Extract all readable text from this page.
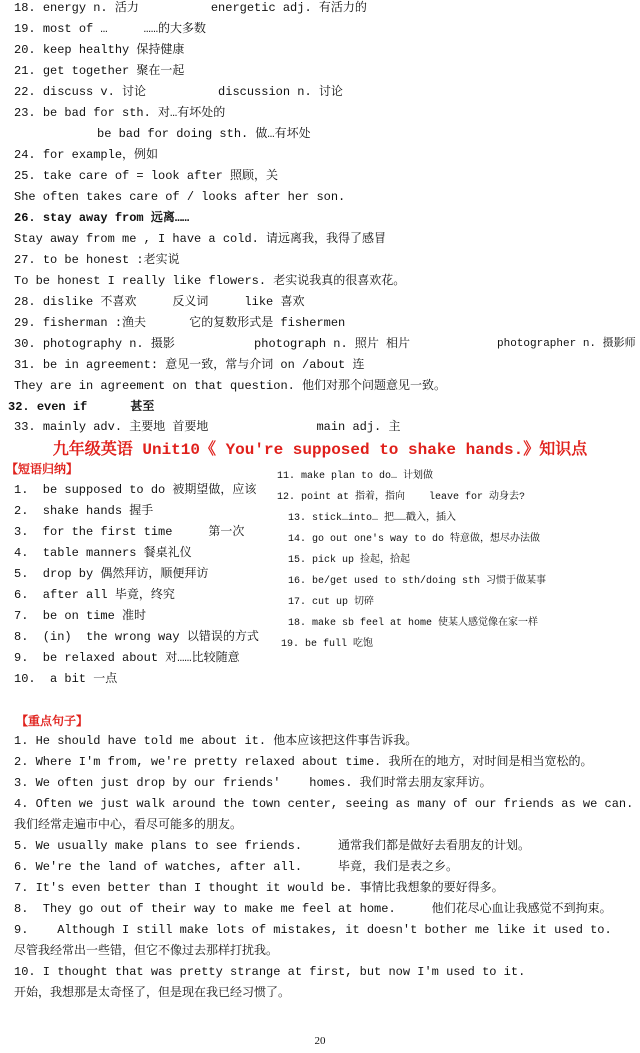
18. energy n. 活力          energetic adj. 有活力的
19. most of …     ……的大多数
20. keep healthy 保持健康
21. get together 聚在一起
22. discuss v. 讨论          discussion n. 讨论
23. be bad for sth. 对…有坏处的
be bad for doing sth. 做…有坏处
24. for example，例如
25. take care of = look after 照顾，关
She often takes care of / looks after her son.
26. stay away from 远离……
Stay away from me , I have a cold. 请远离我，我得了感冒
27. to be honest :老实说
To be honest I really like flowers. 老实说我真的很喜欢花。
28. dislike 不喜欢     反义词     like 喜欢
29. fisherman :渔夫      它的复数形式是 fishermen
30. photography n. 摄影           photograph n. 照片 相片	photographer n. 摄影师
31. be in agreement: 意见一致，常与介词 on /about 连
They are in agreement on that question. 他们对那个问题意见一致。
32. even if      甚至
33. mainly adv. 主要地 首要地               main adj. 主
九年级英语 Unit10《 You're supposed to shake hands.》知识点
【短语归纳】
1.  be supposed to do 被期望做，应该
2.  shake hands 握手
3.  for the first time     第一次
4.  table manners 餐桌礼仪
5.  drop by 偶然拜访，顺便拜访
6.  after all 毕竟，终究
7.  be on time 准时
8.  (in)  the wrong way 以错误的方式
9.  be relaxed about 对……比较随意
10.  a bit 一点
11. make plan to do… 计划做
12. point at 指着，指向    leave for 动身去?
13. stick…into… 把……戳入，插入
14. go out one's way to do 特意做，想尽办法做
15. pick up 捡起，拾起
16. be/get used to sth/doing sth 习惯于做某事
17. cut up 切碎
18. make sb feel at home 使某人感觉像在家一样
19. be full 吃饱
【重点句子】
1. He should have told me about it. 他本应该把这件事告诉我。
2. Where I'm from, we're pretty relaxed about time. 我所在的地方，对时间是相当宽松的。
3. We often just drop by our friends'    homes. 我们时常去朋友家拜访。
4. Often we just walk around the town center, seeing as many of our friends as we can.
我们经常走遍市中心，看尽可能多的朋友。
5. We usually make plans to see friends.     通常我们都是做好去看朋友的计划。
6. We're the land of watches, after all.     毕竟，我们是表之乡。
7. It's even better than I thought it would be. 事情比我想象的要好得多。
8.  They go out of their way to make me feel at home.     他们花尽心血让我感觉不到拘束。
9.    Although I still make lots of mistakes, it doesn't bother me like it used to.
尽管我经常出一些错，但它不像过去那样打扰我。
10. I thought that was pretty strange at first, but now I'm used to it.
开始，我想那是太奇怪了，但是现在我已经习惯了。
20
